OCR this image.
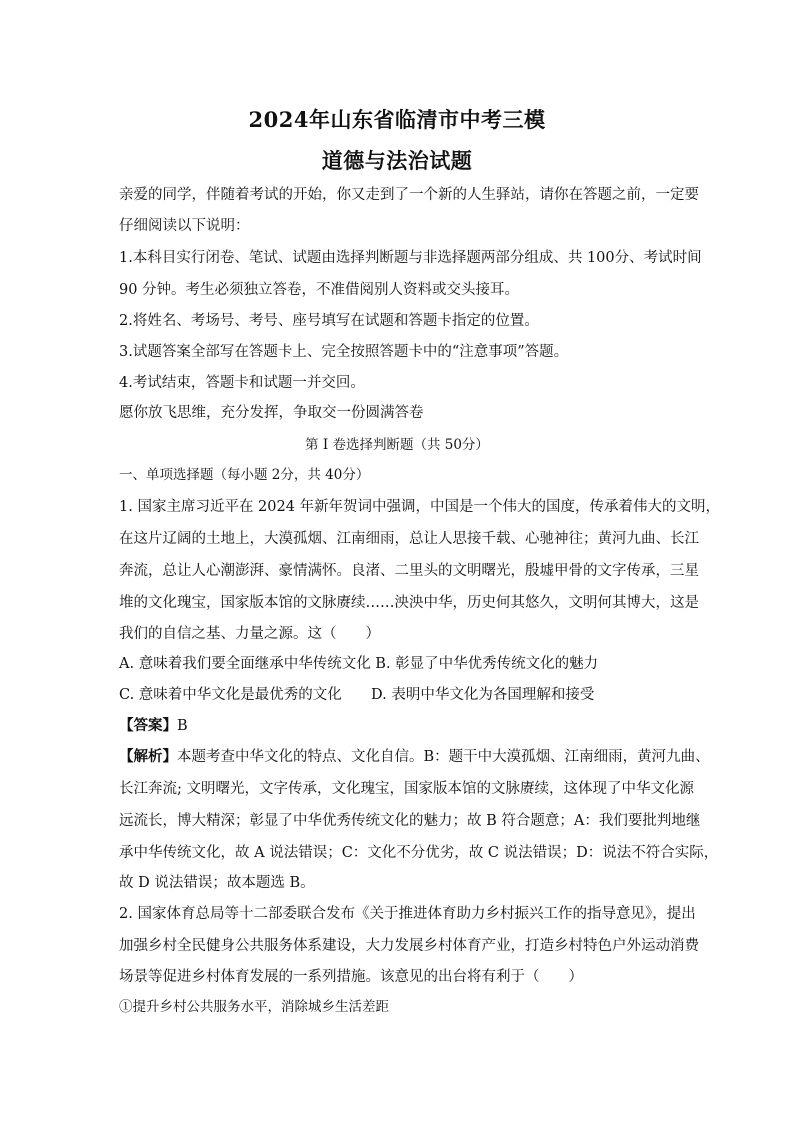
2024年山东省临清市中考三模
道德与法治试题
亲爱的同学，伴随着考试的开始，你又走到了一个新的人生驿站，请你在答题之前，一定要
仔细阅读以下说明：
1.本科目实行闭卷、笔试、试题由选择判断题与非选择题两部分组成、共 100分、考试时间
90 分钟。考生必须独立答卷，不准借阅别人资料或交头接耳。
2.将姓名、考场号、考号、座号填写在试题和答题卡指定的位置。
3.试题答案全部写在答题卡上、完全按照答题卡中的“注意事项”答题。
4.考试结束，答题卡和试题一并交回。
愿你放飞思维，充分发挥，争取交一份圆满答卷
第 I 卷选择判断题（共 50分）
一、单项选择题（每小题 2分，共 40分）
1. 国家主席习近平在 2024 年新年贺词中强调，中国是一个伟大的国度，传承着伟大的文明，
在这片辽阔的土地上，大漠孤烟、江南细雨，总让人思接千载、心驰神往；黄河九曲、长江
奔流，总让人心潮澎湃、豪情满怀。良渚、二里头的文明曙光，殷墟甲骨的文字传承，三星
堆的文化瑰宝，国家版本馆的文脉赓续……泱泱中华，历史何其悠久，文明何其博大，这是
我们的自信之基、力量之源。这（　　）
A. 意味着我们要全面继承中华传统文化 B. 彰显了中华优秀传统文化的魅力
C. 意味着中华文化是最优秀的文化	D. 表明中华文化为各国理解和接受
【答案】B
【解析】本题考查中华文化的特点、文化自信。B：题干中大漠孤烟、江南细雨，黄河九曲、
长江奔流; 文明曙光，文字传承，文化瑰宝，国家版本馆的文脉赓续，这体现了中华文化源
远流长，博大精深；彰显了中华优秀传统文化的魅力；故 B 符合题意；A：我们要批判地继
承中华传统文化，故 A 说法错误；C：文化不分优劣，故 C 说法错误；D：说法不符合实际，
故 D 说法错误；故本题选 B。
2. 国家体育总局等十二部委联合发布《关于推进体育助力乡村振兴工作的指导意见》，提出
加强乡村全民健身公共服务体系建设，大力发展乡村体育产业，打造乡村特色户外运动消费
场景等促进乡村体育发展的一系列措施。该意见的出台将有利于（　　）
①提升乡村公共服务水平，消除城乡生活差距
